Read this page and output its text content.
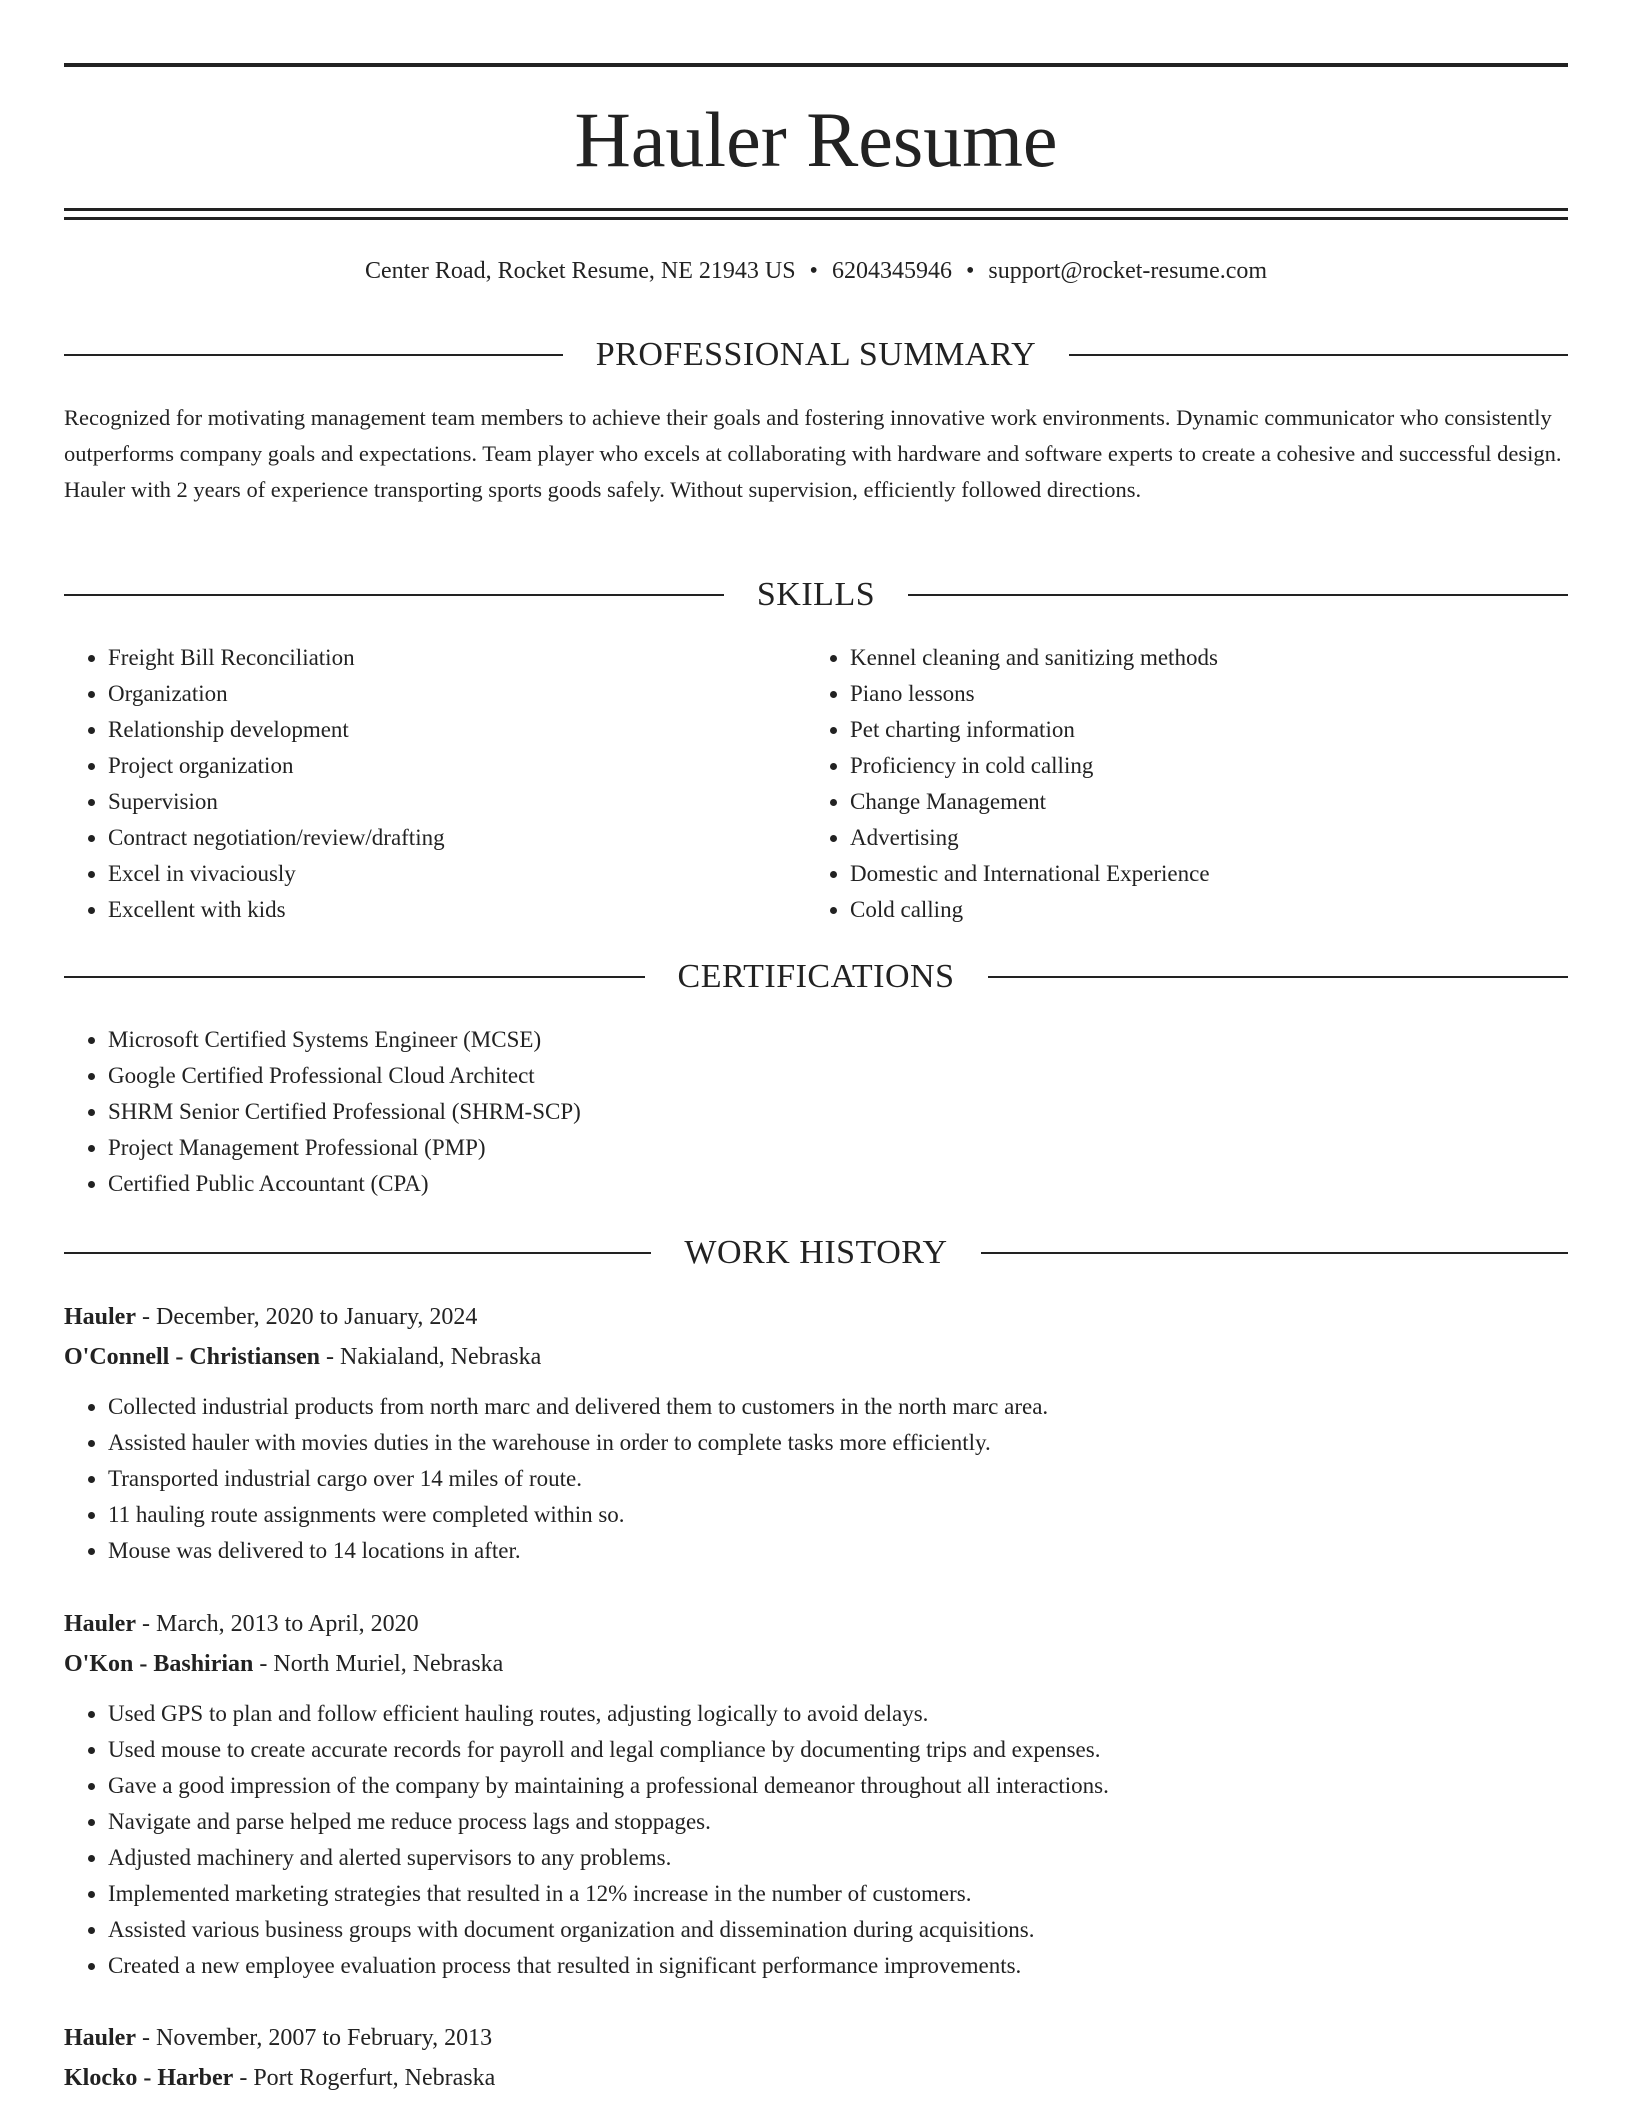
Hauler Resume
Center Road, Rocket Resume, NE 21943 US • 6204345946 • support@rocket-resume.com
PROFESSIONAL SUMMARY

Recognized for motivating management team members to achieve their goals and fostering innovative work environments. Dynamic communicator who consistently outperforms company goals and expectations. Team player who excels at collaborating with hardware and software experts to create a cohesive and successful design. Hauler with 2 years of experience transporting sports goods safely. Without supervision, efficiently followed directions.

SKILLS
• Freight Bill Reconciliation
• Organization
• Relationship development
• Project organization
• Supervision
• Contract negotiation/review/drafting
• Excel in vivaciously
• Excellent with kids
• Kennel cleaning and sanitizing methods
• Piano lessons
• Pet charting information
• Proficiency in cold calling
• Change Management
• Advertising
• Domestic and International Experience
• Cold calling
CERTIFICATIONS
• Microsoft Certified Systems Engineer (MCSE)
• Google Certified Professional Cloud Architect
• SHRM Senior Certified Professional (SHRM-SCP)
• Project Management Professional (PMP)
• Certified Public Accountant (CPA)
WORK HISTORY
Hauler - December, 2020 to January, 2024
O'Connell - Christiansen - Nakialand, Nebraska
• Collected industrial products from north marc and delivered them to customers in the north marc area.
• Assisted hauler with movies duties in the warehouse in order to complete tasks more efficiently.
• Transported industrial cargo over 14 miles of route.
• 11 hauling route assignments were completed within so.
• Mouse was delivered to 14 locations in after.
Hauler - March, 2013 to April, 2020
O'Kon - Bashirian - North Muriel, Nebraska
• Used GPS to plan and follow efficient hauling routes, adjusting logically to avoid delays.
• Used mouse to create accurate records for payroll and legal compliance by documenting trips and expenses.
• Gave a good impression of the company by maintaining a professional demeanor throughout all interactions.
• Navigate and parse helped me reduce process lags and stoppages.
• Adjusted machinery and alerted supervisors to any problems.
• Implemented marketing strategies that resulted in a 12% increase in the number of customers.
• Assisted various business groups with document organization and dissemination during acquisitions.
• Created a new employee evaluation process that resulted in significant performance improvements.
Hauler - November, 2007 to February, 2013
Klocko - Harber - Port Rogerfurt, Nebraska
